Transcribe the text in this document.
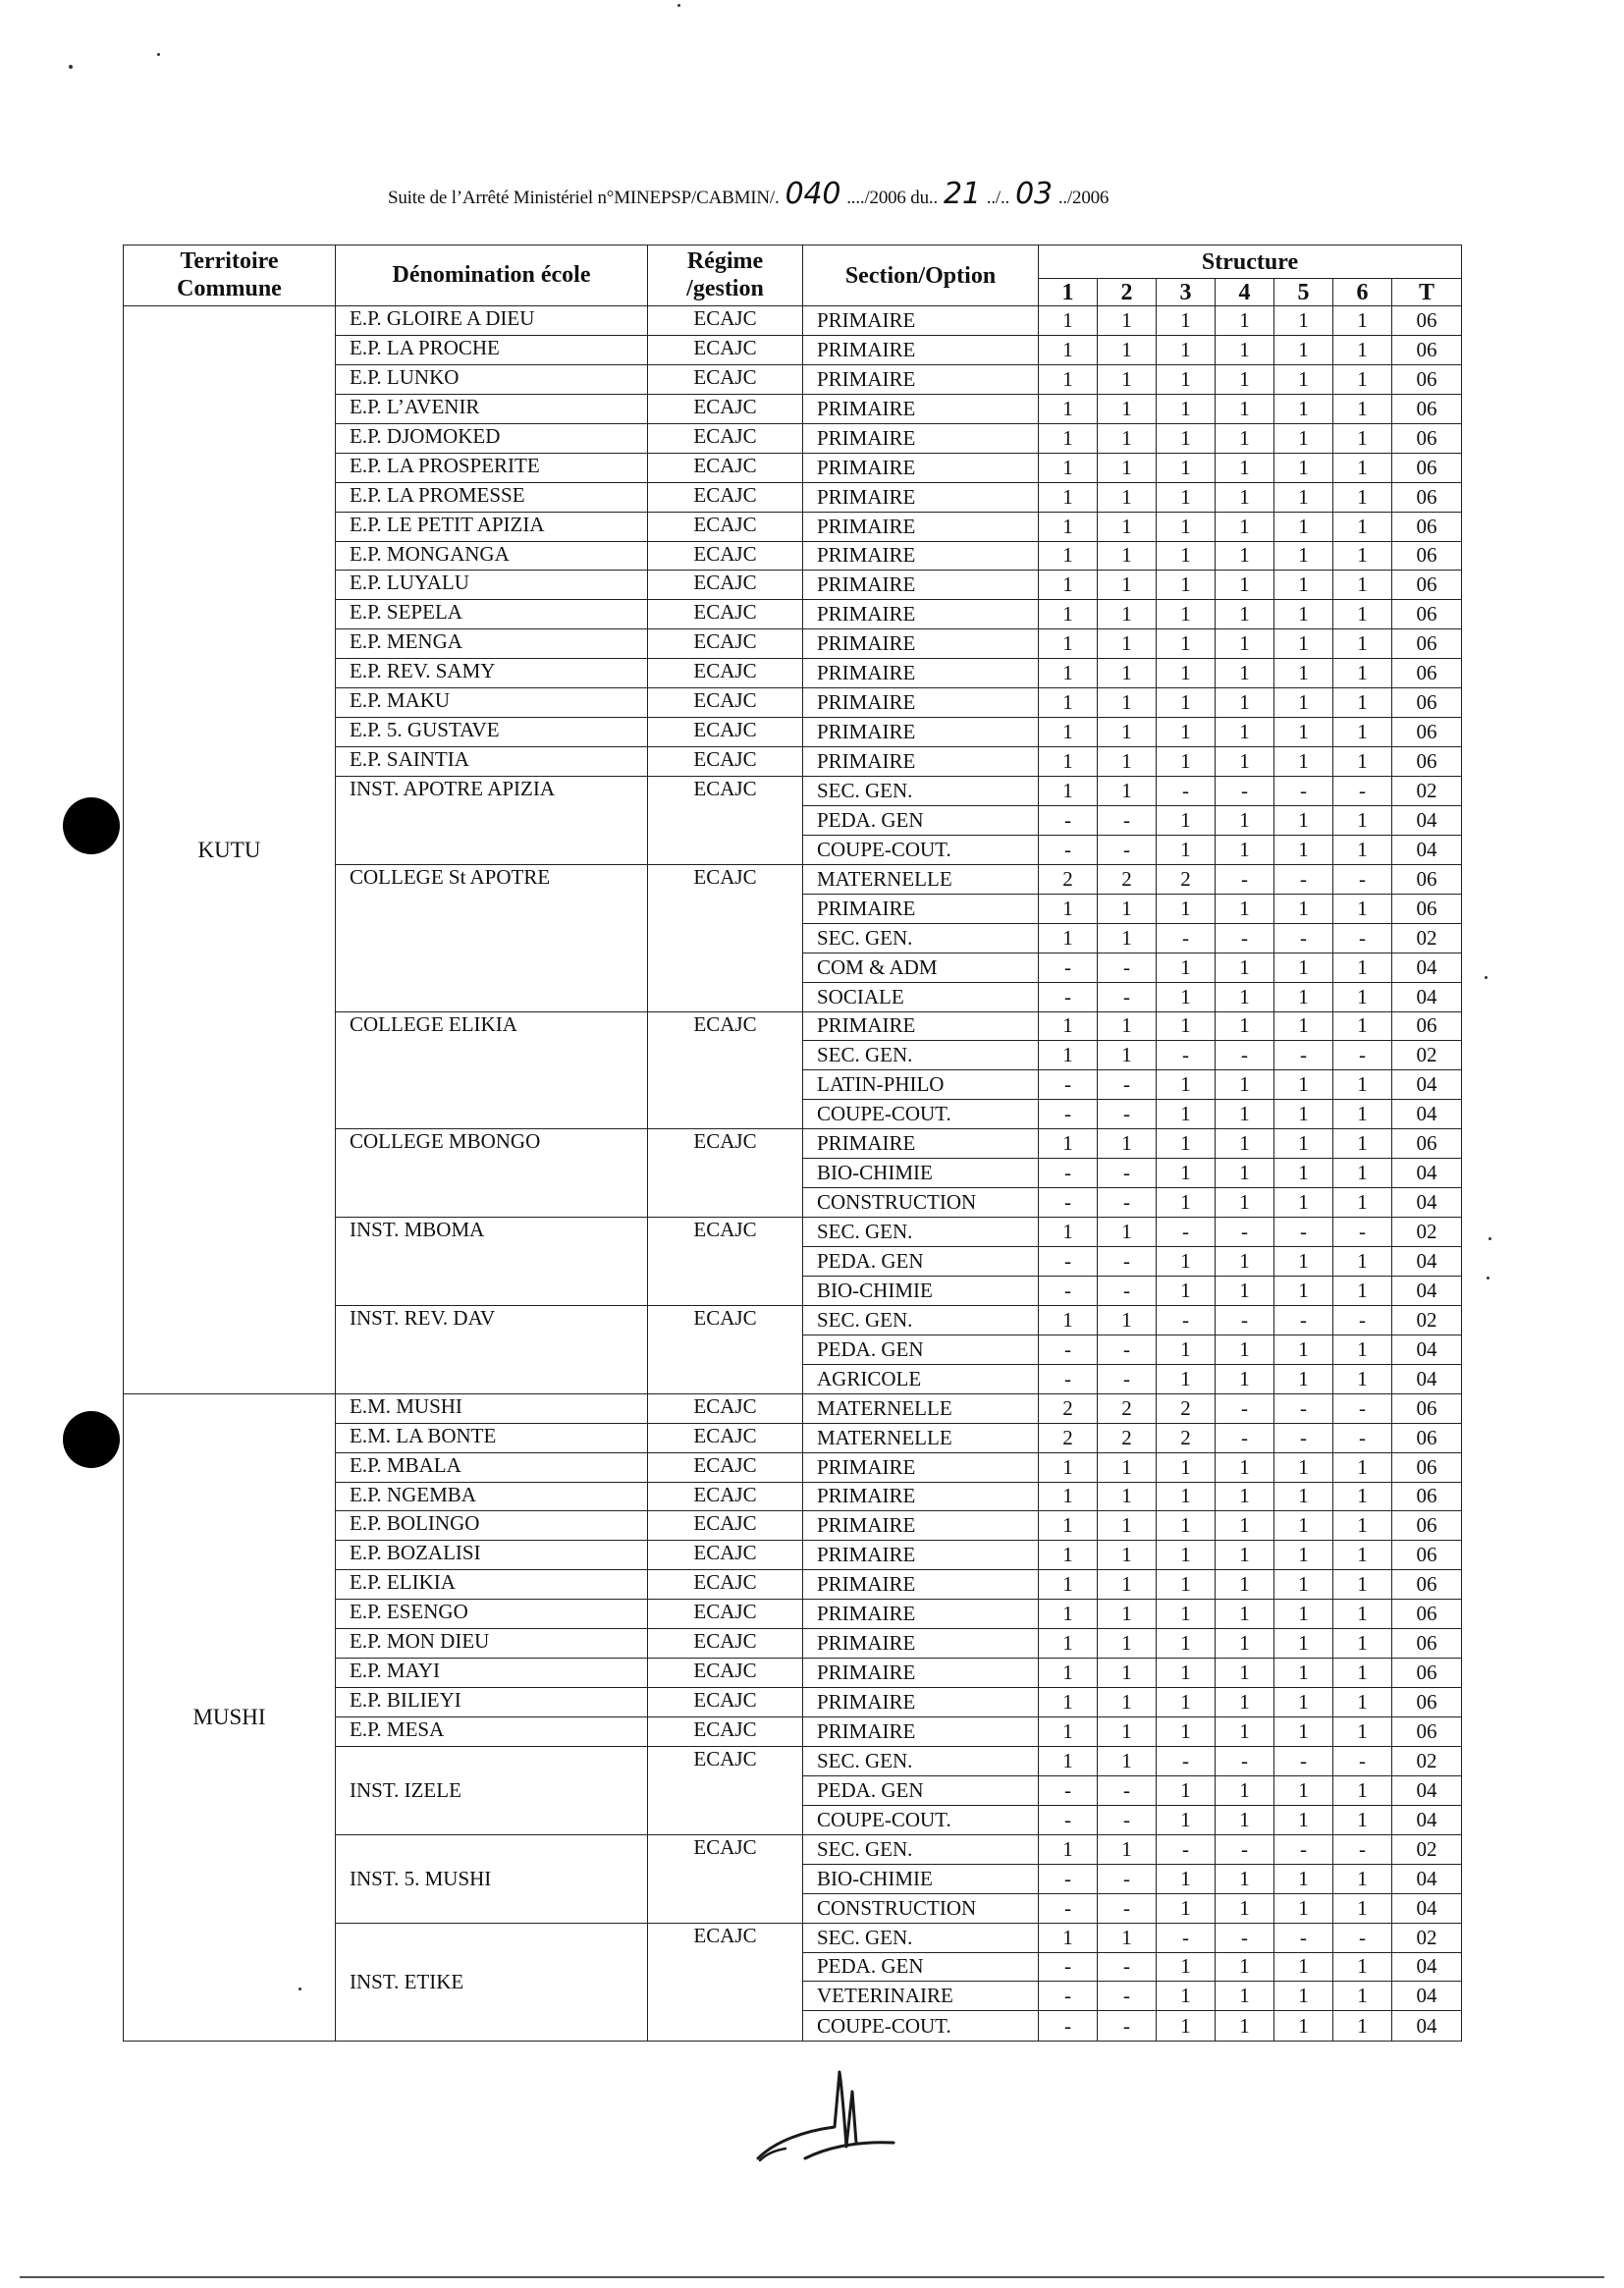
Suite de l’Arrêté Ministériel n°MINEPSP/CABMIN/. 040 ..../2006 du.. 21 ../.. 03 ../2006
Territoire Commune	Dénomination école	Régime /gestion	Section/Option	Structure						
				1	2	3	4	5	6	T
KUTU	E.P. GLOIRE A DIEU	ECAJC	PRIMAIRE	1	1	1	1	1	1	06
	E.P. LA PROCHE	ECAJC	PRIMAIRE	1	1	1	1	1	1	06
	E.P. LUNKO	ECAJC	PRIMAIRE	1	1	1	1	1	1	06
	E.P. L’AVENIR	ECAJC	PRIMAIRE	1	1	1	1	1	1	06
	E.P. DJOMOKED	ECAJC	PRIMAIRE	1	1	1	1	1	1	06
	E.P. LA PROSPERITE	ECAJC	PRIMAIRE	1	1	1	1	1	1	06
	E.P. LA PROMESSE	ECAJC	PRIMAIRE	1	1	1	1	1	1	06
	E.P. LE PETIT APIZIA	ECAJC	PRIMAIRE	1	1	1	1	1	1	06
	E.P. MONGANGA	ECAJC	PRIMAIRE	1	1	1	1	1	1	06
	E.P. LUYALU	ECAJC	PRIMAIRE	1	1	1	1	1	1	06
	E.P. SEPELA	ECAJC	PRIMAIRE	1	1	1	1	1	1	06
	E.P. MENGA	ECAJC	PRIMAIRE	1	1	1	1	1	1	06
	E.P. REV. SAMY	ECAJC	PRIMAIRE	1	1	1	1	1	1	06
	E.P. MAKU	ECAJC	PRIMAIRE	1	1	1	1	1	1	06
	E.P. 5. GUSTAVE	ECAJC	PRIMAIRE	1	1	1	1	1	1	06
	E.P. SAINTIA	ECAJC	PRIMAIRE	1	1	1	1	1	1	06
	INST. APOTRE APIZIA	ECAJC	SEC. GEN.	1	1	-	-	-	-	02
			PEDA. GEN	-	-	1	1	1	1	04
			COUPE-COUT.	-	-	1	1	1	1	04
	COLLEGE St APOTRE	ECAJC	MATERNELLE	2	2	2	-	-	-	06
			PRIMAIRE	1	1	1	1	1	1	06
			SEC. GEN.	1	1	-	-	-	-	02
			COM & ADM	-	-	1	1	1	1	04
			SOCIALE	-	-	1	1	1	1	04
	COLLEGE ELIKIA	ECAJC	PRIMAIRE	1	1	1	1	1	1	06
			SEC. GEN.	1	1	-	-	-	-	02
			LATIN-PHILO	-	-	1	1	1	1	04
			COUPE-COUT.	-	-	1	1	1	1	04
	COLLEGE MBONGO	ECAJC	PRIMAIRE	1	1	1	1	1	1	06
			BIO-CHIMIE	-	-	1	1	1	1	04
			CONSTRUCTION	-	-	1	1	1	1	04
	INST. MBOMA	ECAJC	SEC. GEN.	1	1	-	-	-	-	02
			PEDA. GEN	-	-	1	1	1	1	04
			BIO-CHIMIE	-	-	1	1	1	1	04
	INST. REV. DAV	ECAJC	SEC. GEN.	1	1	-	-	-	-	02
			PEDA. GEN	-	-	1	1	1	1	04
			AGRICOLE	-	-	1	1	1	1	04
MUSHI	E.M. MUSHI	ECAJC	MATERNELLE	2	2	2	-	-	-	06
	E.M. LA BONTE	ECAJC	MATERNELLE	2	2	2	-	-	-	06
	E.P. MBALA	ECAJC	PRIMAIRE	1	1	1	1	1	1	06
	E.P. NGEMBA	ECAJC	PRIMAIRE	1	1	1	1	1	1	06
	E.P. BOLINGO	ECAJC	PRIMAIRE	1	1	1	1	1	1	06
	E.P. BOZALISI	ECAJC	PRIMAIRE	1	1	1	1	1	1	06
	E.P. ELIKIA	ECAJC	PRIMAIRE	1	1	1	1	1	1	06
	E.P. ESENGO	ECAJC	PRIMAIRE	1	1	1	1	1	1	06
	E.P. MON DIEU	ECAJC	PRIMAIRE	1	1	1	1	1	1	06
	E.P. MAYI	ECAJC	PRIMAIRE	1	1	1	1	1	1	06
	E.P. BILIEYI	ECAJC	PRIMAIRE	1	1	1	1	1	1	06
	E.P. MESA	ECAJC	PRIMAIRE	1	1	1	1	1	1	06
	INST. IZELE	ECAJC	SEC. GEN.	1	1	-	-	-	-	02
			PEDA. GEN	-	-	1	1	1	1	04
			COUPE-COUT.	-	-	1	1	1	1	04
	INST. 5. MUSHI	ECAJC	SEC. GEN.	1	1	-	-	-	-	02
			BIO-CHIMIE	-	-	1	1	1	1	04
			CONSTRUCTION	-	-	1	1	1	1	04
	INST. ETIKE	ECAJC	SEC. GEN.	1	1	-	-	-	-	02
			PEDA. GEN	-	-	1	1	1	1	04
			VETERINAIRE	-	-	1	1	1	1	04
			COUPE-COUT.	-	-	1	1	1	1	04
